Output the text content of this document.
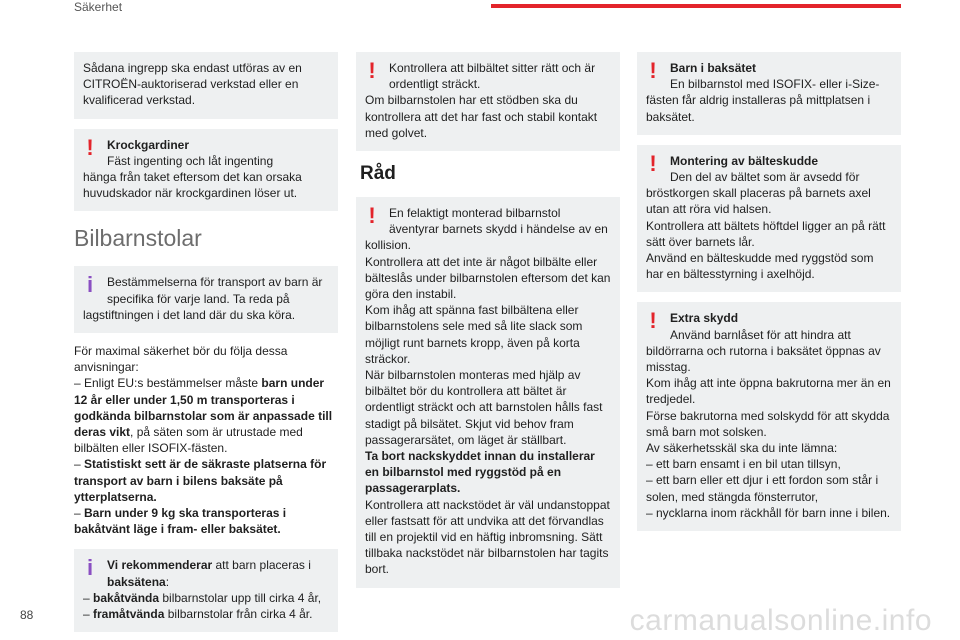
Säkerhet
Sådana ingrepp ska endast utföras av en CITROËN-auktoriserad verkstad eller en kvalificerad verkstad.
!	Krockgardiner
Fäst ingenting och låt ingenting
hänga från taket eftersom det kan orsaka huvudskador när krockgardinen löser ut.
Bilbarnstolar
i	Bestämmelserna för transport av barn är specifika för varje land. Ta reda på
lagstiftningen i det land där du ska köra.
För maximal säkerhet bör du följa dessa anvisningar:
– Enligt EU:s bestämmelser måste barn under 12 år eller under 1,50 m transporteras i godkända bilbarnstolar som är anpassade till deras vikt, på säten som är utrustade med bilbälten eller ISOFIX-fästen.
– Statistiskt sett är de säkraste platserna för transport av barn i bilens baksäte på ytterplatserna.
– Barn under 9 kg ska transporteras i bakåtvänt läge i fram- eller baksätet.
i	Vi rekommenderar att barn placeras i
baksätena:
– bakåtvända bilbarnstolar upp till cirka 4 år,
– framåtvända bilbarnstolar från cirka 4 år.
!	Kontrollera att bilbältet sitter rätt och är ordentligt sträckt.
Om bilbarnstolen har ett stödben ska du kontrollera att det har fast och stabil kontakt med golvet.
Råd
!	En felaktigt monterad bilbarnstol äventyrar barnets skydd i händelse av en
kollision.
Kontrollera att det inte är något bilbälte eller bälteslås under bilbarnstolen eftersom det kan göra den instabil.
Kom ihåg att spänna fast bilbältena eller bilbarnstolens sele med så lite slack som möjligt runt barnets kropp, även på korta sträckor.
När bilbarnstolen monteras med hjälp av bilbältet bör du kontrollera att bältet är ordentligt sträckt och att barnstolen hålls fast stadigt på bilsätet. Skjut vid behov fram passagerarsätet, om läget är ställbart.
Ta bort nackskyddet innan du installerar en bilbarnstol med ryggstöd på en passagerarplats.
Kontrollera att nackstödet är väl undanstoppat eller fastsatt för att undvika att det förvandlas till en projektil vid en häftig inbromsning. Sätt tillbaka nackstödet när bilbarnstolen har tagits bort.
!	Barn i baksätet
En bilbarnstol med ISOFIX- eller i-Size-
fästen får aldrig installeras på mittplatsen i baksätet.
!	Montering av bälteskudde
Den del av bältet som är avsedd för
bröstkorgen skall placeras på barnets axel utan att röra vid halsen.
Kontrollera att bältets höftdel ligger an på rätt sätt över barnets lår.
Använd en bälteskudde med ryggstöd som har en bältesstyrning i axelhöjd.
!	Extra skydd
Använd barnlåset för att hindra att
bildörrarna och rutorna i baksätet öppnas av misstag.
Kom ihåg att inte öppna bakrutorna mer än en tredjedel.
Förse bakrutorna med solskydd för att skydda små barn mot solsken.
Av säkerhetsskäl ska du inte lämna:
– ett barn ensamt i en bil utan tillsyn,
– ett barn eller ett djur i ett fordon som står i solen, med stängda fönsterrutor,
– nycklarna inom räckhåll för barn inne i bilen.
88	carmanualsonline.info
